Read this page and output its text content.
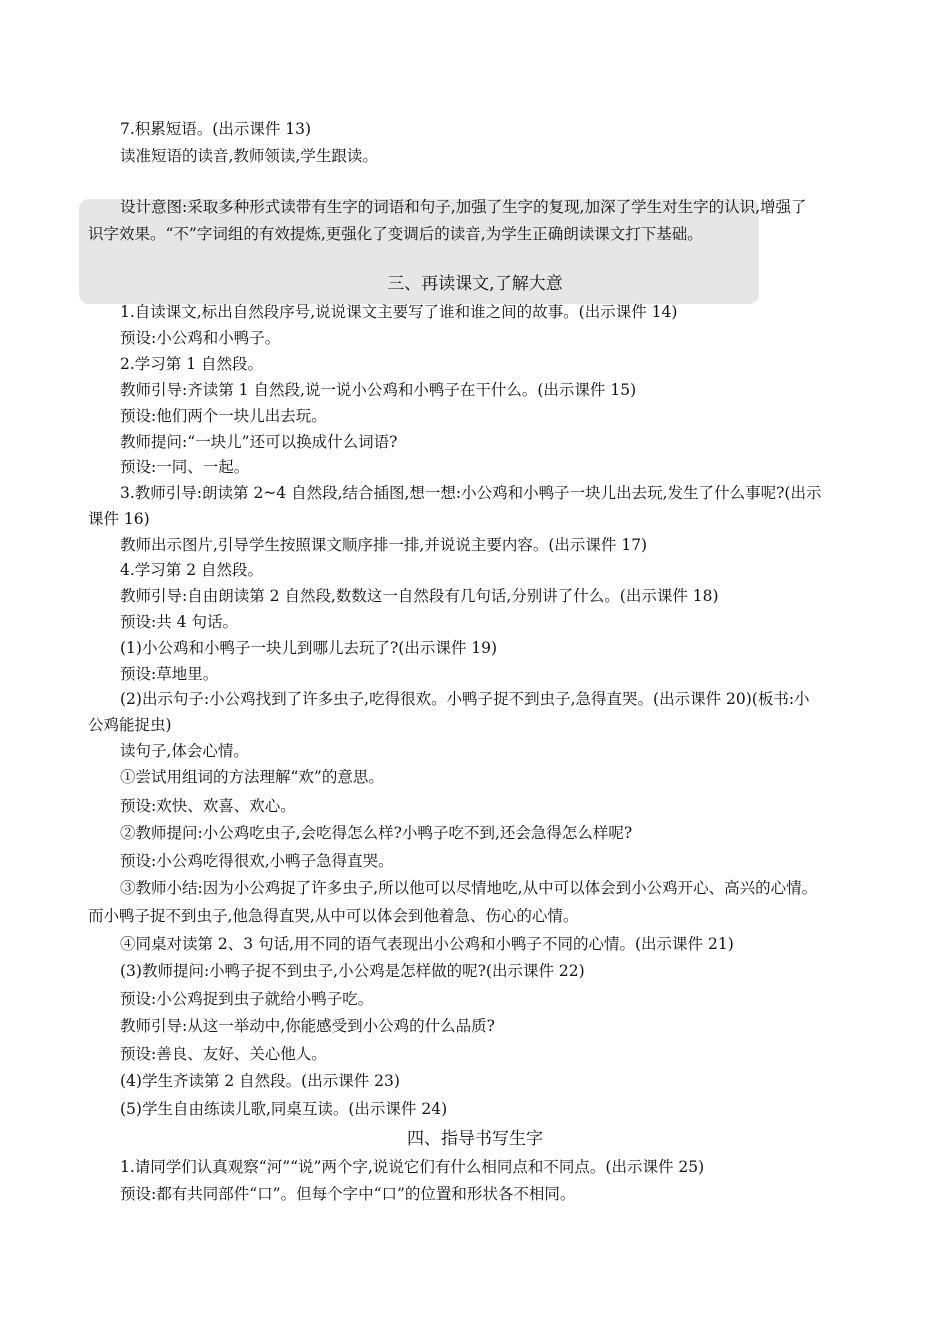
7.积累短语。(出示课件 13)
读准短语的读音,教师领读,学生跟读。
设计意图:采取多种形式读带有生字的词语和句子,加强了生字的复现,加深了学生对生字的认识,增强了
识字效果。“不”字词组的有效提炼,更强化了变调后的读音,为学生正确朗读课文打下基础。
三、再读课文,了解大意
1.自读课文,标出自然段序号,说说课文主要写了谁和谁之间的故事。(出示课件 14)
预设:小公鸡和小鸭子。
2.学习第 1 自然段。
教师引导:齐读第 1 自然段,说一说小公鸡和小鸭子在干什么。(出示课件 15)
预设:他们两个一块儿出去玩。
教师提问:“一块儿”还可以换成什么词语?
预设:一同、一起。
3.教师引导:朗读第 2~4 自然段,结合插图,想一想:小公鸡和小鸭子一块儿出去玩,发生了什么事呢?(出示
课件 16)
教师出示图片,引导学生按照课文顺序排一排,并说说主要内容。(出示课件 17)
4.学习第 2 自然段。
教师引导:自由朗读第 2 自然段,数数这一自然段有几句话,分别讲了什么。(出示课件 18)
预设:共 4 句话。
(1)小公鸡和小鸭子一块儿到哪儿去玩了?(出示课件 19)
预设:草地里。
(2)出示句子:小公鸡找到了许多虫子,吃得很欢。小鸭子捉不到虫子,急得直哭。(出示课件 20)(板书:小
公鸡能捉虫)
读句子,体会心情。
①尝试用组词的方法理解“欢”的意思。
预设:欢快、欢喜、欢心。
②教师提问:小公鸡吃虫子,会吃得怎么样?小鸭子吃不到,还会急得怎么样呢?
预设:小公鸡吃得很欢,小鸭子急得直哭。
③教师小结:因为小公鸡捉了许多虫子,所以他可以尽情地吃,从中可以体会到小公鸡开心、高兴的心情。
而小鸭子捉不到虫子,他急得直哭,从中可以体会到他着急、伤心的心情。
④同桌对读第 2、3 句话,用不同的语气表现出小公鸡和小鸭子不同的心情。(出示课件 21)
(3)教师提问:小鸭子捉不到虫子,小公鸡是怎样做的呢?(出示课件 22)
预设:小公鸡捉到虫子就给小鸭子吃。
教师引导:从这一举动中,你能感受到小公鸡的什么品质?
预设:善良、友好、关心他人。
(4)学生齐读第 2 自然段。(出示课件 23)
(5)学生自由练读儿歌,同桌互读。(出示课件 24)
四、指导书写生字
1.请同学们认真观察“河”“说”两个字,说说它们有什么相同点和不同点。(出示课件 25)
预设:都有共同部件“口”。但每个字中“口”的位置和形状各不相同。
